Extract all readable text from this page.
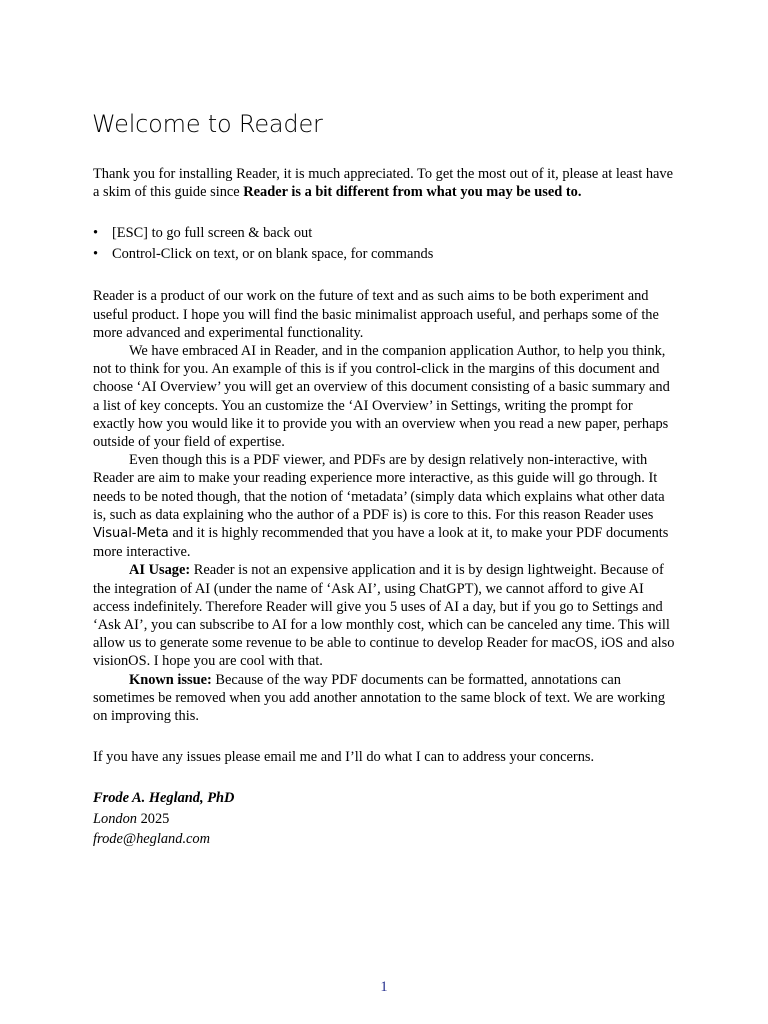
Welcome to Reader

Thank you for installing Reader, it is much appreciated. To get the most out of it, please at least have a skim of this guide since Reader is a bit different from what you may be used to.

• [ESC] to go full screen & back out
• Control-Click on text, or on blank space, for commands

Reader is a product of our work on the future of text and as such aims to be both experiment and useful product. I hope you will find the basic minimalist approach useful, and perhaps some of the more advanced and experimental functionality.

We have embraced AI in Reader, and in the companion application Author, to help you think, not to think for you. An example of this is if you control-click in the margins of this document and choose ‘AI Overview’ you will get an overview of this document consisting of a basic summary and a list of key concepts. You an customize the ‘AI Overview’ in Settings, writing the prompt for exactly how you would like it to provide you with an overview when you read a new paper, perhaps outside of your field of expertise.

Even though this is a PDF viewer, and PDFs are by design relatively non-interactive, with Reader are aim to make your reading experience more interactive, as this guide will go through. It needs to be noted though, that the notion of ‘metadata’ (simply data which explains what other data is, such as data explaining who the author of a PDF is) is core to this. For this reason Reader uses Visual-Meta and it is highly recommended that you have a look at it, to make your PDF documents more interactive.

AI Usage: Reader is not an expensive application and it is by design lightweight. Because of the integration of AI (under the name of ‘Ask AI’, using ChatGPT), we cannot afford to give AI access indefinitely. Therefore Reader will give you 5 uses of AI a day, but if you go to Settings and ‘Ask AI’, you can subscribe to AI for a low monthly cost, which can be canceled any time. This will allow us to generate some revenue to be able to continue to develop Reader for macOS, iOS and also visionOS. I hope you are cool with that.

Known issue: Because of the way PDF documents can be formatted, annotations can sometimes be removed when you add another annotation to the same block of text. We are working on improving this.

If you have any issues please email me and I’ll do what I can to address your concerns.

Frode A. Hegland, PhD
London 2025
frode@hegland.com
1
